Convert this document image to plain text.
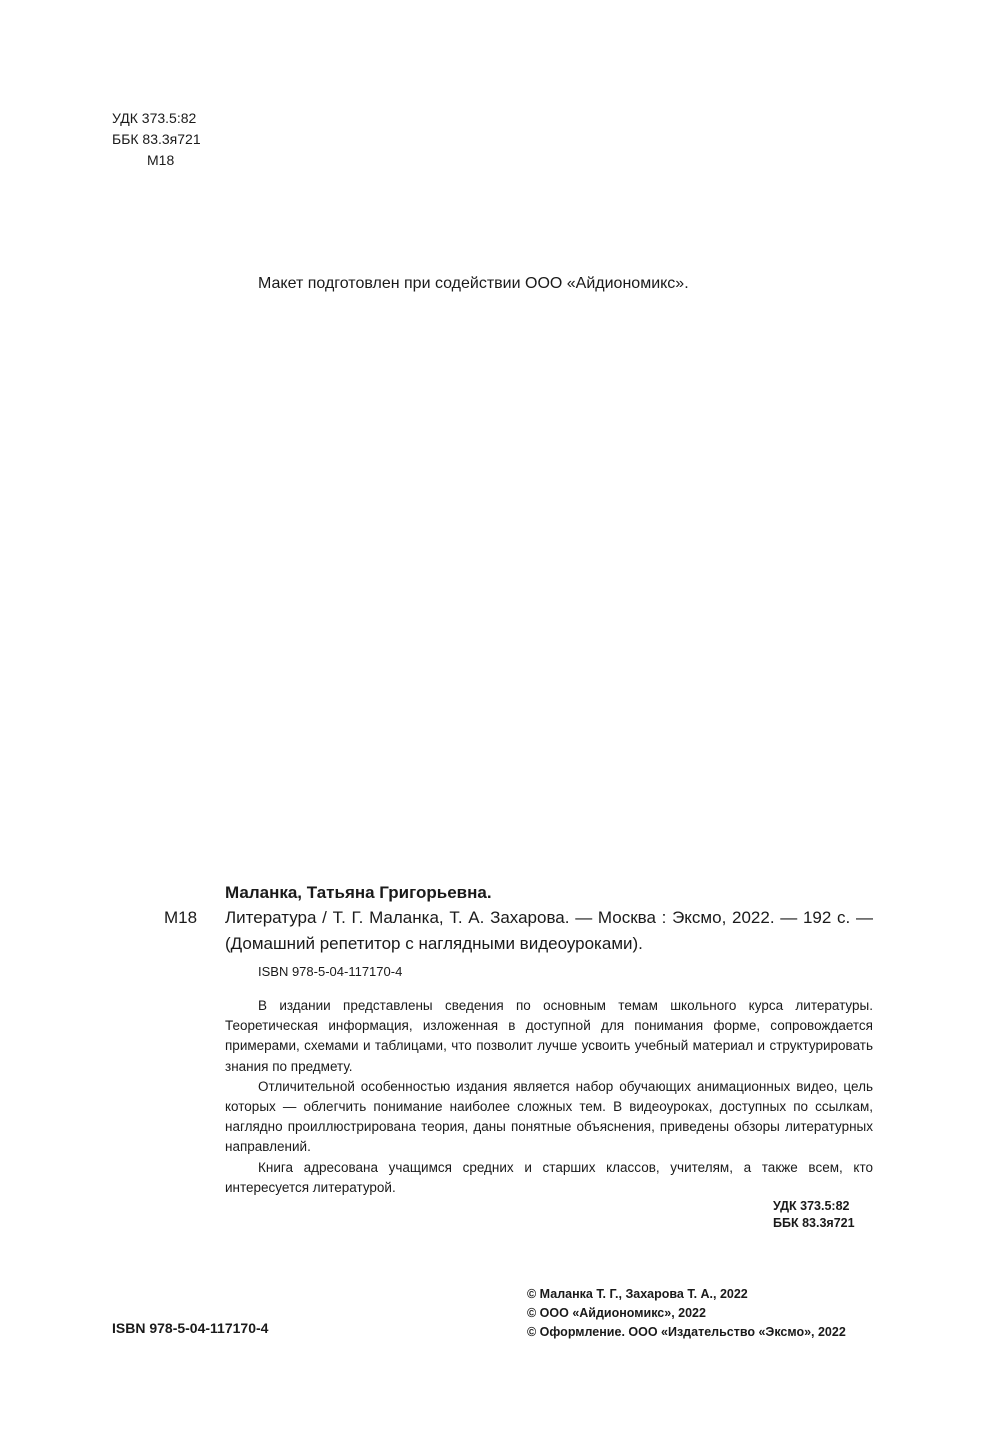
УДК 373.5:82
ББК 83.3я721
М18
Макет подготовлен при содействии ООО «Айдиономикс».
Маланка, Татьяна Григорьевна.
М18 Литература / Т. Г. Маланка, Т. А. Захарова. — Москва : Эксмо, 2022. — 192 с. — (Домашний репетитор с наглядными видеоуроками).
ISBN 978-5-04-117170-4

В издании представлены сведения по основным темам школьного курса литературы. Теоретическая информация, изложенная в доступной для понимания форме, сопровождается примерами, схемами и таблицами, что позволит лучше усвоить учебный материал и структурировать знания по предмету.

Отличительной особенностью издания является набор обучающих анимационных видео, цель которых — облегчить понимание наиболее сложных тем. В видеоуроках, доступных по ссылкам, наглядно проиллюстрирована теория, даны понятные объяснения, приведены обзоры литературных направлений.

Книга адресована учащимся средних и старших классов, учителям, а также всем, кто интересуется литературой.

УДК 373.5:82
ББК 83.3я721
ISBN 978-5-04-117170-4
© Маланка Т. Г., Захарова Т. А., 2022
© ООО «Айдиономикс», 2022
© Оформление. ООО «Издательство «Эксмо», 2022
